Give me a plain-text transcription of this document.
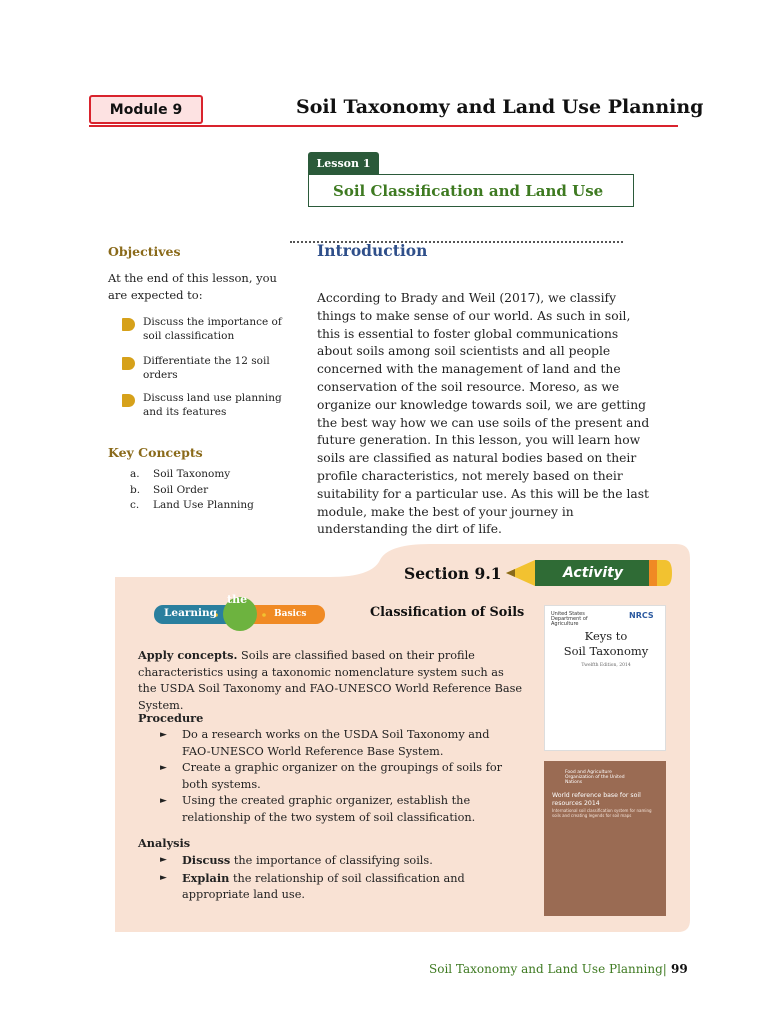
Module 9	Soil Taxonomy and Land Use Planning
Lesson 1
Soil Classification and Land Use
Objectives
At the end of this lesson, you are expected to:
Discuss the importance of soil classification
Differentiate the 12 soil orders
Discuss land use planning and its features
Key Concepts
a.	Soil Taxonomy
b.	Soil Order
c.	Land Use Planning
Introduction
According to Brady and Weil (2017), we classify things to make sense of our world. As such in soil, this is essential to foster global communications about soils among soil scientists and all people concerned with the management of land and the conservation of the soil resource. Moreso, as we organize our knowledge towards soil, we are getting the best way how we can use soils of the present and future generation. In this lesson, you will learn how soils are classified as natural bodies based on their profile characteristics, not merely based on their suitability for a particular use. As this will be the last module, make the best of your journey in understanding the dirt of life.
Section 9.1	Activity
Learning
the
Basics	Classification of Soils
Apply concepts. Soils are classified based on their profile characteristics using a taxonomic nomenclature system such as the USDA Soil Taxonomy and FAO-UNESCO World Reference Base System.
Procedure
►	Do a research works on the USDA Soil Taxonomy and FAO-UNESCO World Reference Base System.
►	Create a graphic organizer on the groupings of soils for both systems.
►	Using the created graphic organizer, establish the relationship of the two system of soil classification.
Analysis
►	Discuss the importance of classifying soils.
►	Explain the relationship of soil classification and appropriate land use.
United States Department of Agriculture
NRCS
Keys to
Soil Taxonomy
Twelfth Edition, 2014
Food and Agriculture Organization of the United Nations
World reference base for soil resources 2014
International soil classification system for naming soils and creating legends for soil maps
Soil Taxonomy and Land Use Planning| 99
